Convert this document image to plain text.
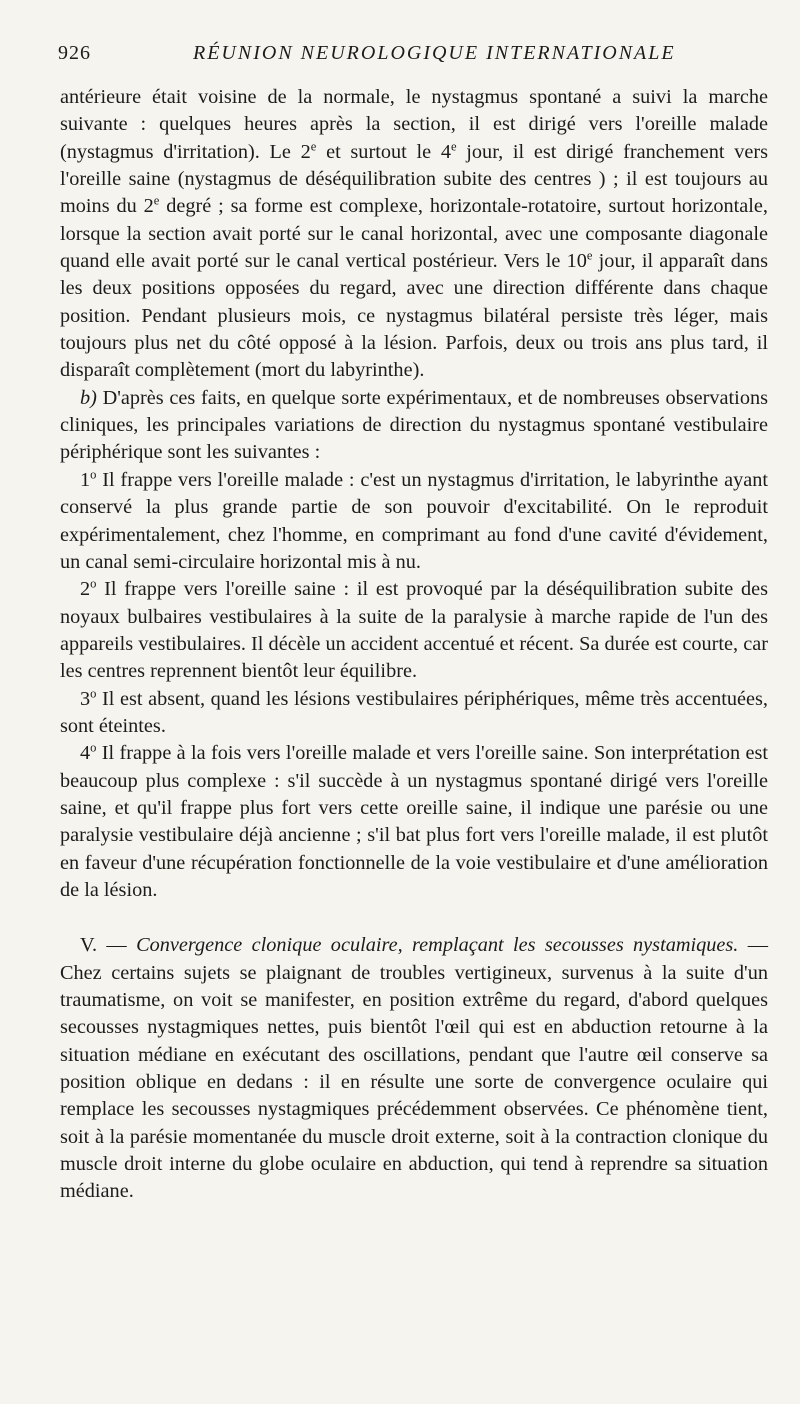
926	RÉUNION NEUROLOGIQUE INTERNATIONALE

antérieure était voisine de la normale, le nystagmus spontané a suivi la marche suivante : quelques heures après la section, il est dirigé vers l'oreille malade (nystagmus d'irritation). Le 2e et surtout le 4e jour, il est dirigé franchement vers l'oreille saine (nystagmus de déséquilibration subite des centres ) ; il est toujours au moins du 2e degré ; sa forme est complexe, horizontale-rotatoire, surtout horizontale, lorsque la section avait porté sur le canal horizontal, avec une composante diagonale quand elle avait porté sur le canal vertical postérieur. Vers le 10e jour, il apparaît dans les deux positions opposées du regard, avec une direction différente dans chaque position. Pendant plusieurs mois, ce nystagmus bilatéral persiste très léger, mais toujours plus net du côté opposé à la lésion. Parfois, deux ou trois ans plus tard, il disparaît complètement (mort du labyrinthe).

b) D'après ces faits, en quelque sorte expérimentaux, et de nombreuses observations cliniques, les principales variations de direction du nystagmus spontané vestibulaire périphérique sont les suivantes :

1$^o$ Il frappe vers l'oreille malade : c'est un nystagmus d'irritation, le labyrinthe ayant conservé la plus grande partie de son pouvoir d'excitabilité. On le reproduit expérimentalement, chez l'homme, en comprimant au fond d'une cavité d'évidement, un canal semi-circulaire horizontal mis à nu.

2$^o$ Il frappe vers l'oreille saine : il est provoqué par la déséquilibration subite des noyaux bulbaires vestibulaires à la suite de la paralysie à marche rapide de l'un des appareils vestibulaires. Il décèle un accident accentué et récent. Sa durée est courte, car les centres reprennent bientôt leur équilibre.

3$^o$ Il est absent, quand les lésions vestibulaires périphériques, même très accentuées, sont éteintes.

4$^o$ Il frappe à la fois vers l'oreille malade et vers l'oreille saine. Son interprétation est beaucoup plus complexe : s'il succède à un nystagmus spontané dirigé vers l'oreille saine, et qu'il frappe plus fort vers cette oreille saine, il indique une parésie ou une paralysie vestibulaire déjà ancienne ; s'il bat plus fort vers l'oreille malade, il est plutôt en faveur d'une récupération fonctionnelle de la voie vestibulaire et d'une amélioration de la lésion.

V. — Convergence clonique oculaire, remplaçant les secousses nystamiques. — Chez certains sujets se plaignant de troubles vertigineux, survenus à la suite d'un traumatisme, on voit se manifester, en position extrême du regard, d'abord quelques secousses nystagmiques nettes, puis bientôt l'œil qui est en abduction retourne à la situation médiane en exécutant des oscillations, pendant que l'autre œil conserve sa position oblique en dedans : il en résulte une sorte de convergence oculaire qui remplace les secousses nystagmiques précédemment observées. Ce phénomène tient, soit à la parésie momentanée du muscle droit externe, soit à la contraction clonique du muscle droit interne du globe oculaire en abduction, qui tend à reprendre sa situation médiane.
